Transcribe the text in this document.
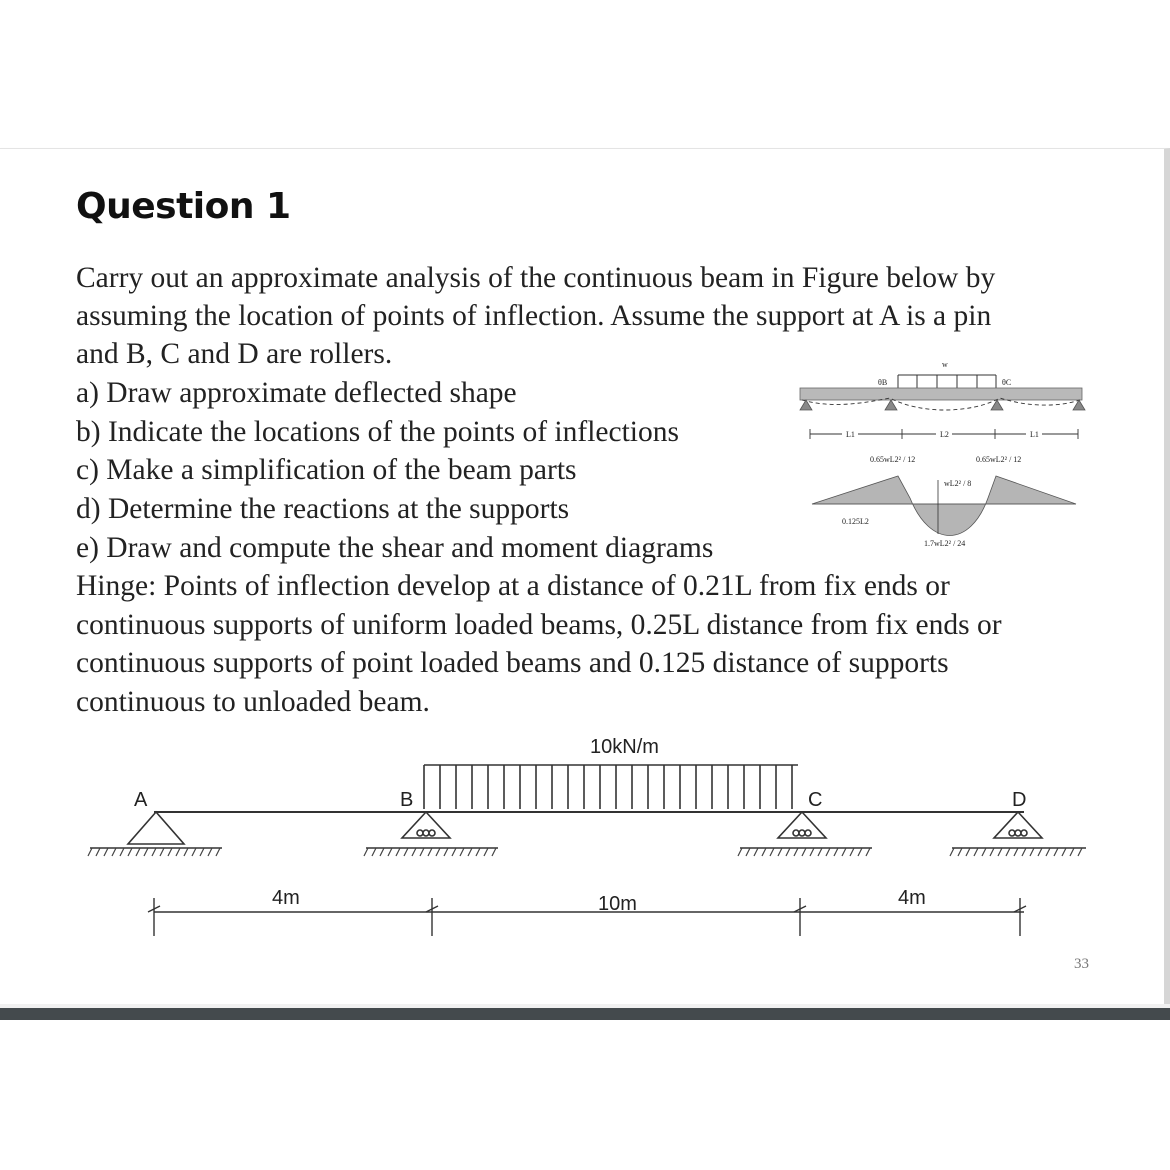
Question 1
Carry out an approximate analysis of the continuous beam in Figure below by
assuming the location of points of inflection. Assume the support at A is a pin
and B, C and D are rollers.
a) Draw approximate deflected shape
b) Indicate the locations of the points of inflections
c) Make a simplification of the beam parts
d) Determine the reactions at the supports
e) Draw and compute the shear and moment diagrams
Hinge: Points of inflection develop at a distance of 0.21L from fix ends or
continuous supports of uniform loaded beams, 0.25L distance from fix ends or
continuous supports of point loaded beams and 0.125 distance of supports
continuous to unloaded beam.
w
θB	θC
L1	L2	L1
0.65wL2² / 12	0.65wL2² / 12
wL2² / 8
0.125L2
1.7wL2² / 24
10kN/m
A	B	C	D
4m	10m	4m
33
